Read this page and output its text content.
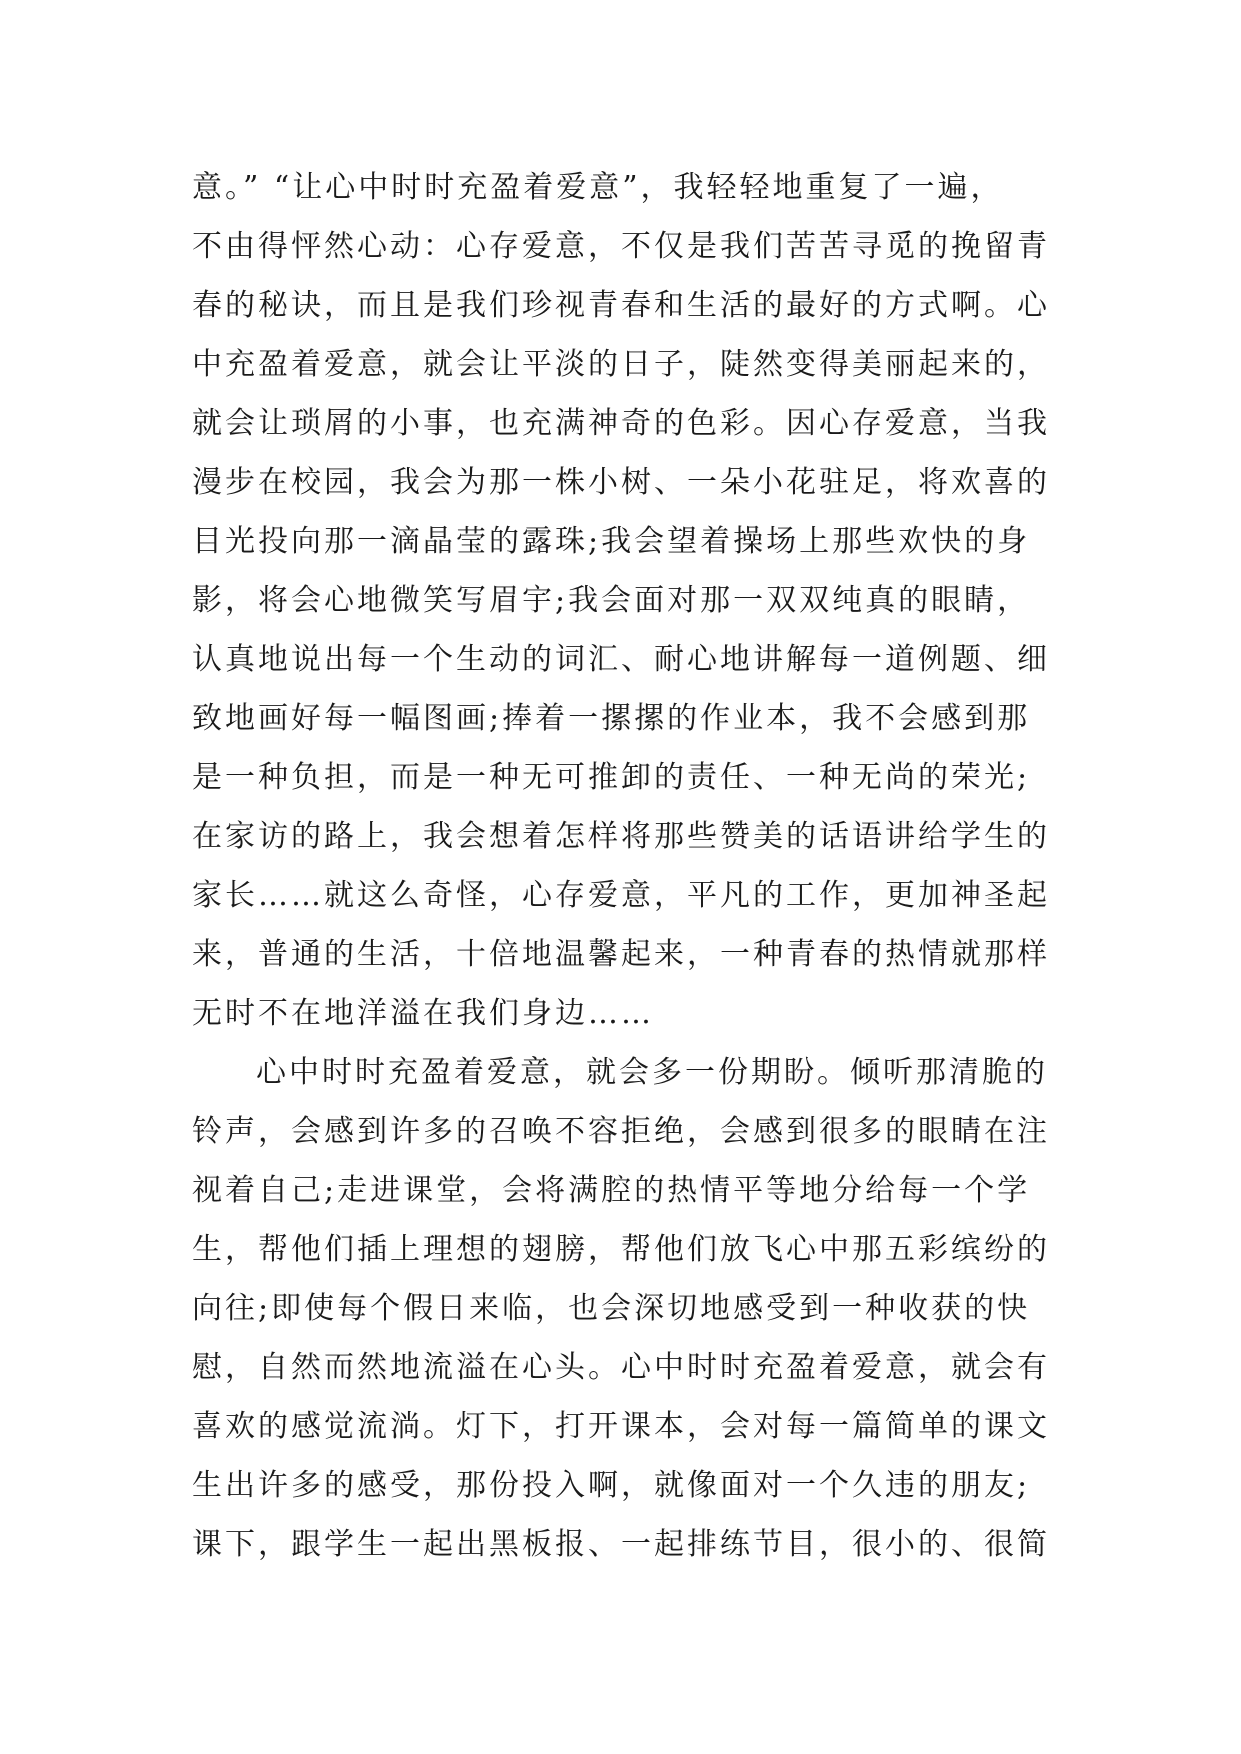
意。” “让心中时时充盈着爱意”，我轻轻地重复了一遍，
不由得怦然心动：心存爱意，不仅是我们苦苦寻觅的挽留青
春的秘诀，而且是我们珍视青春和生活的最好的方式啊。心
中充盈着爱意，就会让平淡的日子，陡然变得美丽起来的，
就会让琐屑的小事，也充满神奇的色彩。因心存爱意，当我
漫步在校园，我会为那一株小树、一朵小花驻足，将欢喜的
目光投向那一滴晶莹的露珠;我会望着操场上那些欢快的身
影，将会心地微笑写眉宇;我会面对那一双双纯真的眼睛，
认真地说出每一个生动的词汇、耐心地讲解每一道例题、细
致地画好每一幅图画;捧着一摞摞的作业本，我不会感到那
是一种负担，而是一种无可推卸的责任、一种无尚的荣光;
在家访的路上，我会想着怎样将那些赞美的话语讲给学生的
家长……就这么奇怪，心存爱意，平凡的工作，更加神圣起
来，普通的生活，十倍地温馨起来，一种青春的热情就那样
无时不在地洋溢在我们身边……
心中时时充盈着爱意，就会多一份期盼。倾听那清脆的
铃声，会感到许多的召唤不容拒绝，会感到很多的眼睛在注
视着自己;走进课堂，会将满腔的热情平等地分给每一个学
生，帮他们插上理想的翅膀，帮他们放飞心中那五彩缤纷的
向往;即使每个假日来临，也会深切地感受到一种收获的快
慰，自然而然地流溢在心头。心中时时充盈着爱意，就会有
喜欢的感觉流淌。灯下，打开课本，会对每一篇简单的课文
生出许多的感受，那份投入啊，就像面对一个久违的朋友;
课下，跟学生一起出黑板报、一起排练节目，很小的、很简
